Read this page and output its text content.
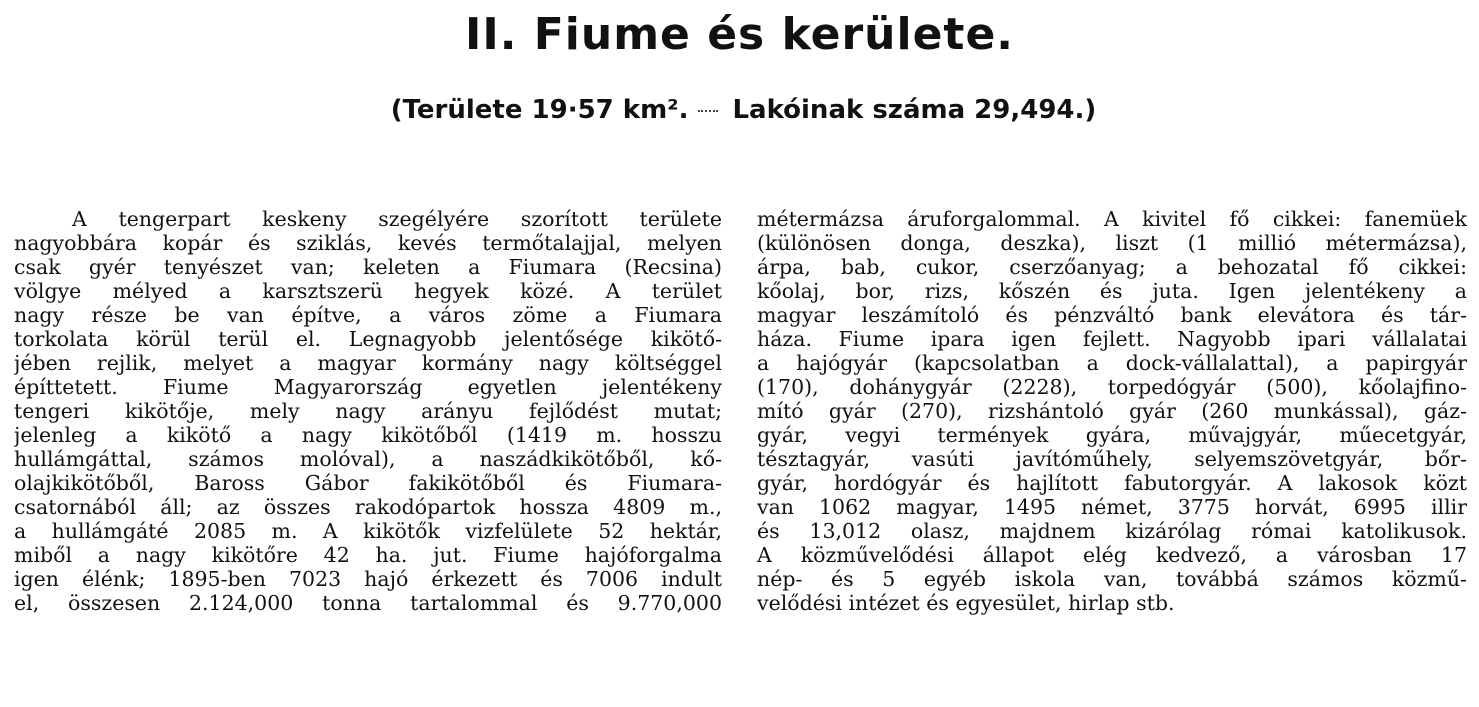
II. Fiume és kerülete.
(Területe 19·57 km². Lakóinak száma 29,494.)
A tengerpart keskeny szegélyére szorított területe
nagyobbára kopár és sziklás, kevés termőtalajjal, melyen
csak gyér tenyészet van; keleten a Fiumara (Recsina)
völgye mélyed a karsztszerü hegyek közé. A terület
nagy része be van építve, a város zöme a Fiumara
torkolata körül terül el. Legnagyobb jelentősége kikötő-
jében rejlik, melyet a magyar kormány nagy költséggel
építtetett. Fiume Magyarország egyetlen jelentékeny
tengeri kikötője, mely nagy arányu fejlődést mutat;
jelenleg a kikötő a nagy kikötőből (1419 m. hosszu
hullámgáttal, számos molóval), a naszádkikötőből, kő-
olajkikötőből, Baross Gábor fakikötőből és Fiumara-
csatornából áll; az összes rakodópartok hossza 4809 m.,
a hullámgáté 2085 m. A kikötők vizfelülete 52 hektár,
miből a nagy kikötőre 42 ha. jut. Fiume hajóforgalma
igen élénk; 1895-ben 7023 hajó érkezett és 7006 indult
el, összesen 2.124,000 tonna tartalommal és 9.770,000
métermázsa áruforgalommal. A kivitel fő cikkei: fanemüek
(különösen donga, deszka), liszt (1 millió métermázsa),
árpa, bab, cukor, cserzőanyag; a behozatal fő cikkei:
kőolaj, bor, rizs, kőszén és juta. Igen jelentékeny a
magyar leszámítoló és pénzváltó bank elevátora és tár-
háza. Fiume ipara igen fejlett. Nagyobb ipari vállalatai
a hajógyár (kapcsolatban a dock-vállalattal), a papirgyár
(170), dohánygyár (2228), torpedógyár (500), kőolajfino-
mító gyár (270), rizshántoló gyár (260 munkással), gáz-
gyár, vegyi termények gyára, művajgyár, műecetgyár,
tésztagyár, vasúti javítóműhely, selyemszövetgyár, bőr-
gyár, hordógyár és hajlított fabutorgyár. A lakosok közt
van 1062 magyar, 1495 német, 3775 horvát, 6995 illir
és 13,012 olasz, majdnem kizárólag római katolikusok.
A közművelődési állapot elég kedvező, a városban 17
nép- és 5 egyéb iskola van, továbbá számos közmű-
velődési intézet és egyesület, hirlap stb.
